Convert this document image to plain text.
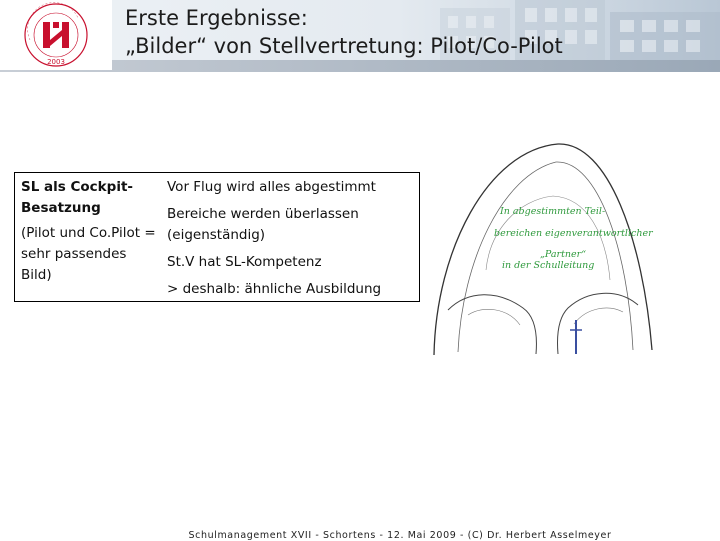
2003
Erste Ergebnisse:
„Bilder“ von Stellvertretung: Pilot/Co-Pilot
SL als Cockpit-Besatzung
(Pilot und Co.Pilot = sehr passendes Bild)
Vor Flug wird alles abgestimmt
Bereiche werden überlassen (eigenständig)
St.V hat SL-Kompetenz
> deshalb: ähnliche Ausbildung
In abgestimmten Teil-
bereichen eigenverantwortlicher
„Partner“
in der Schulleitung
Schulmanagement XVII - Schortens - 12. Mai 2009 - (C) Dr. Herbert Asselmeyer
